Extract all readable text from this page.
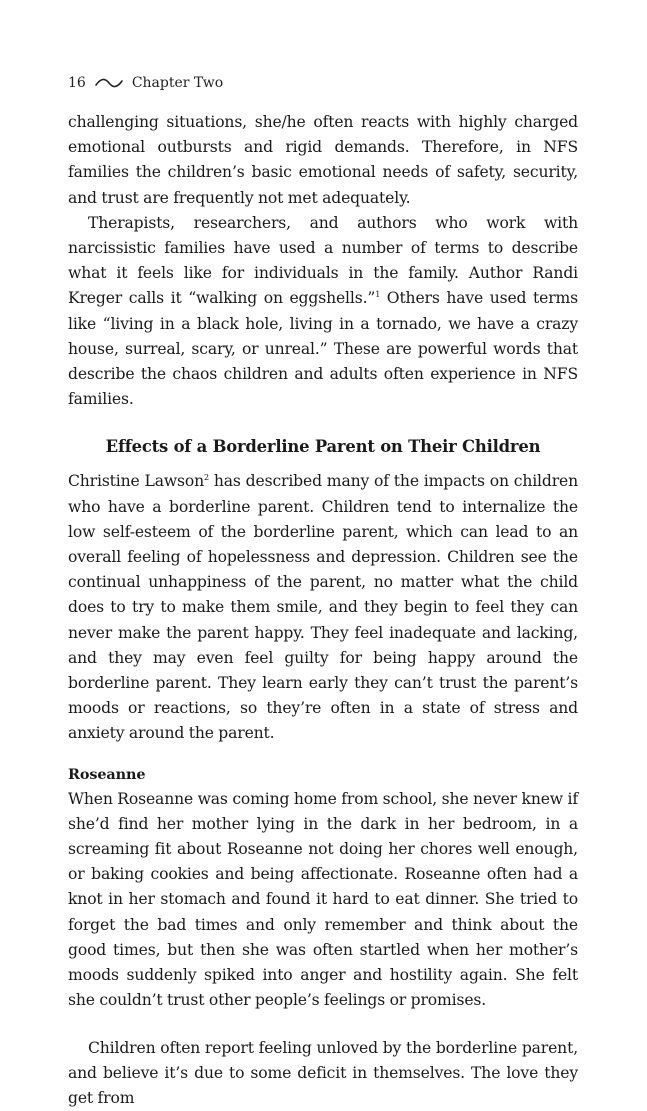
16	Chapter Two

challenging situations, she/he often reacts with highly charged emotional outbursts and rigid demands. Therefore, in NFS families the children’s basic emotional needs of safety, security, and trust are frequently not met adequately.

Therapists, researchers, and authors who work with narcissistic families have used a number of terms to describe what it feels like for individuals in the family. Author Randi Kreger calls it “walking on eggshells.”$^1$ Others have used terms like “living in a black hole, living in a tornado, we have a crazy house, surreal, scary, or unreal.” These are powerful words that describe the chaos children and adults often experience in NFS families.

Effects of a Borderline Parent on Their Children

Christine Lawson$^2$ has described many of the impacts on children who have a borderline parent. Children tend to internalize the low self-esteem of the borderline parent, which can lead to an overall feeling of hopelessness and depression. Children see the continual unhappiness of the parent, no matter what the child does to try to make them smile, and they begin to feel they can never make the parent happy. They feel inadequate and lacking, and they may even feel guilty for being happy around the borderline parent. They learn early they can’t trust the parent’s moods or reactions, so they’re often in a state of stress and anxiety around the parent.

Roseanne

When Roseanne was coming home from school, she never knew if she’d find her mother lying in the dark in her bedroom, in a screaming fit about Roseanne not doing her chores well enough, or baking cookies and being affectionate. Roseanne often had a knot in her stomach and found it hard to eat dinner. She tried to forget the bad times and only remember and think about the good times, but then she was often startled when her mother’s moods suddenly spiked into anger and hostility again. She felt she couldn’t trust other people’s feelings or promises.

Children often report feeling unloved by the borderline parent, and believe it’s due to some deficit in themselves. The love they get from
